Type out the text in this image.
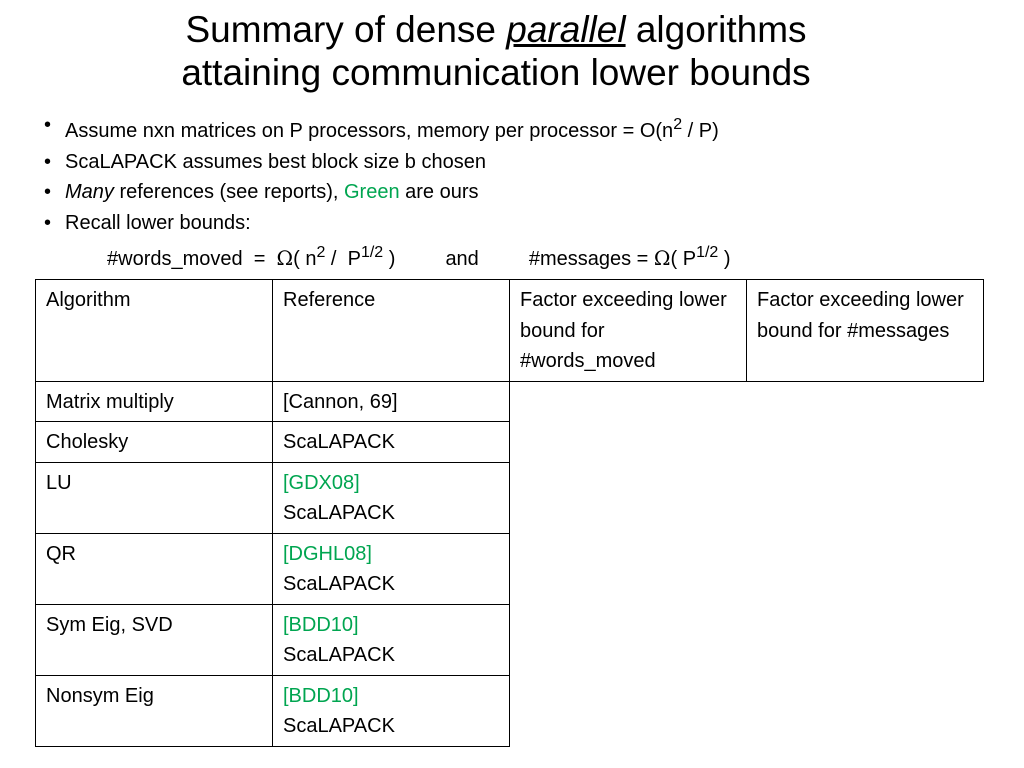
Summary of dense parallel algorithms
attaining communication lower bounds
• Assume nxn matrices on P processors, memory per processor = $O(n^2 / P)$
• ScaLAPACK assumes best block size b chosen
• Many references (see reports), Green are ours
• Recall lower bounds:
#words_moved  =  Ω( $n^2 / P^{1/2}$ )	and	#messages = Ω( $P^{1/2}$ )
Algorithm	Reference	Factor exceeding lower bound for #words_moved	Factor exceeding lower bound for #messages
Matrix multiply	[Cannon, 69]		

Cholesky	ScaLAPACK		

LU	[GDX08]
ScaLAPACK		

QR	[DGHL08]
ScaLAPACK		

Sym Eig, SVD	[BDD10]
ScaLAPACK		

Nonsym Eig	[BDD10]
ScaLAPACK		
